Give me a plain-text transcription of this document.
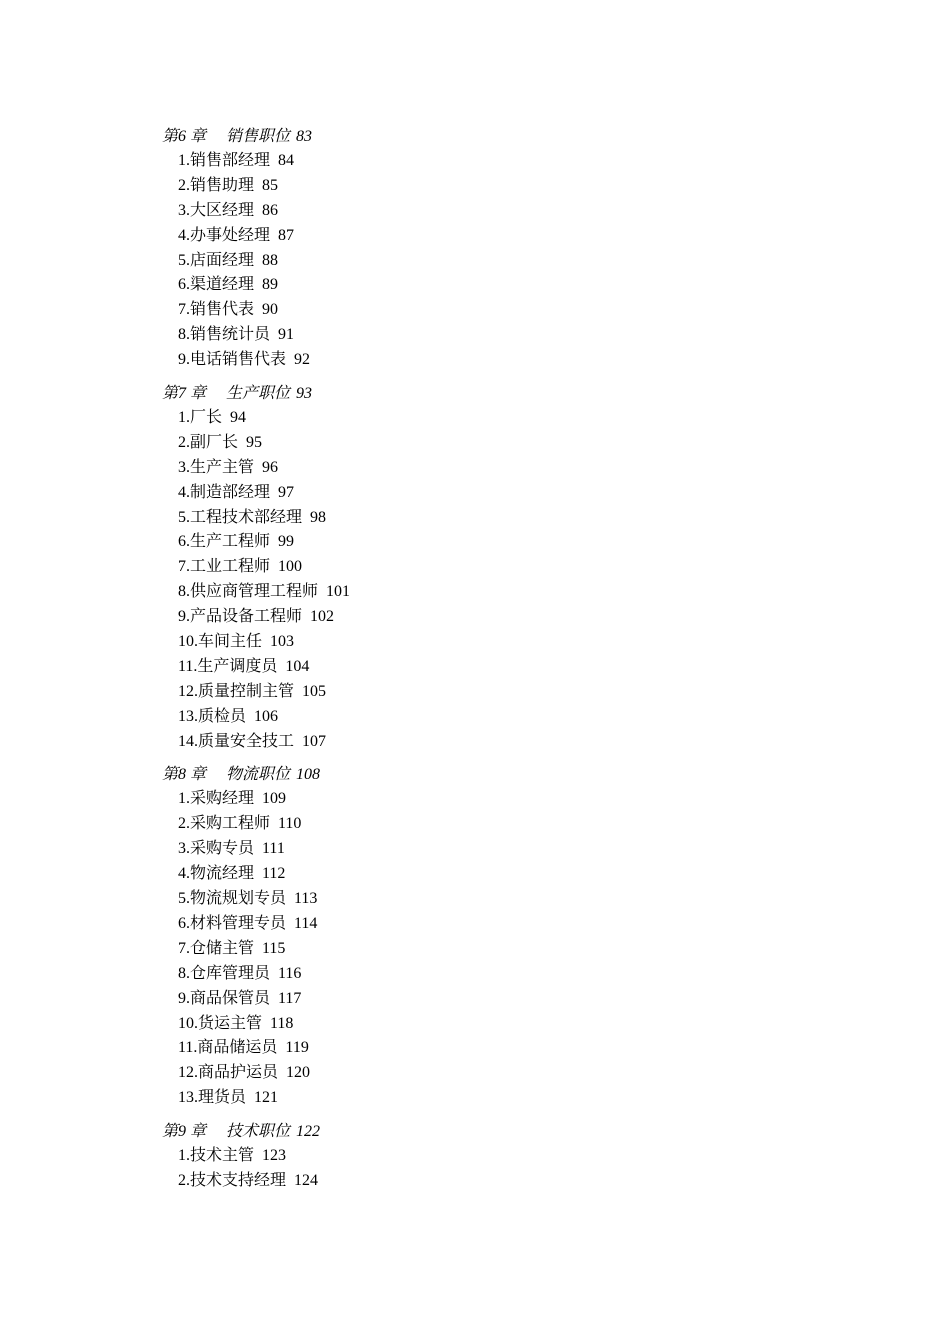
第6 章 销售职位 83
1.销售部经理 84
2.销售助理 85
3.大区经理 86
4.办事处经理 87
5.店面经理 88
6.渠道经理 89
7.销售代表 90
8.销售统计员 91
9.电话销售代表 92
第7 章 生产职位 93
1.厂长 94
2.副厂长 95
3.生产主管 96
4.制造部经理 97
5.工程技术部经理 98
6.生产工程师 99
7.工业工程师 100
8.供应商管理工程师 101
9.产品设备工程师 102
10.车间主任 103
11.生产调度员 104
12.质量控制主管 105
13.质检员 106
14.质量安全技工 107
第8 章 物流职位 108
1.采购经理 109
2.采购工程师 110
3.采购专员 111
4.物流经理 112
5.物流规划专员 113
6.材料管理专员 114
7.仓储主管 115
8.仓库管理员 116
9.商品保管员 117
10.货运主管 118
11.商品储运员 119
12.商品护运员 120
13.理货员 121
第9 章 技术职位 122
1.技术主管 123
2.技术支持经理 124
